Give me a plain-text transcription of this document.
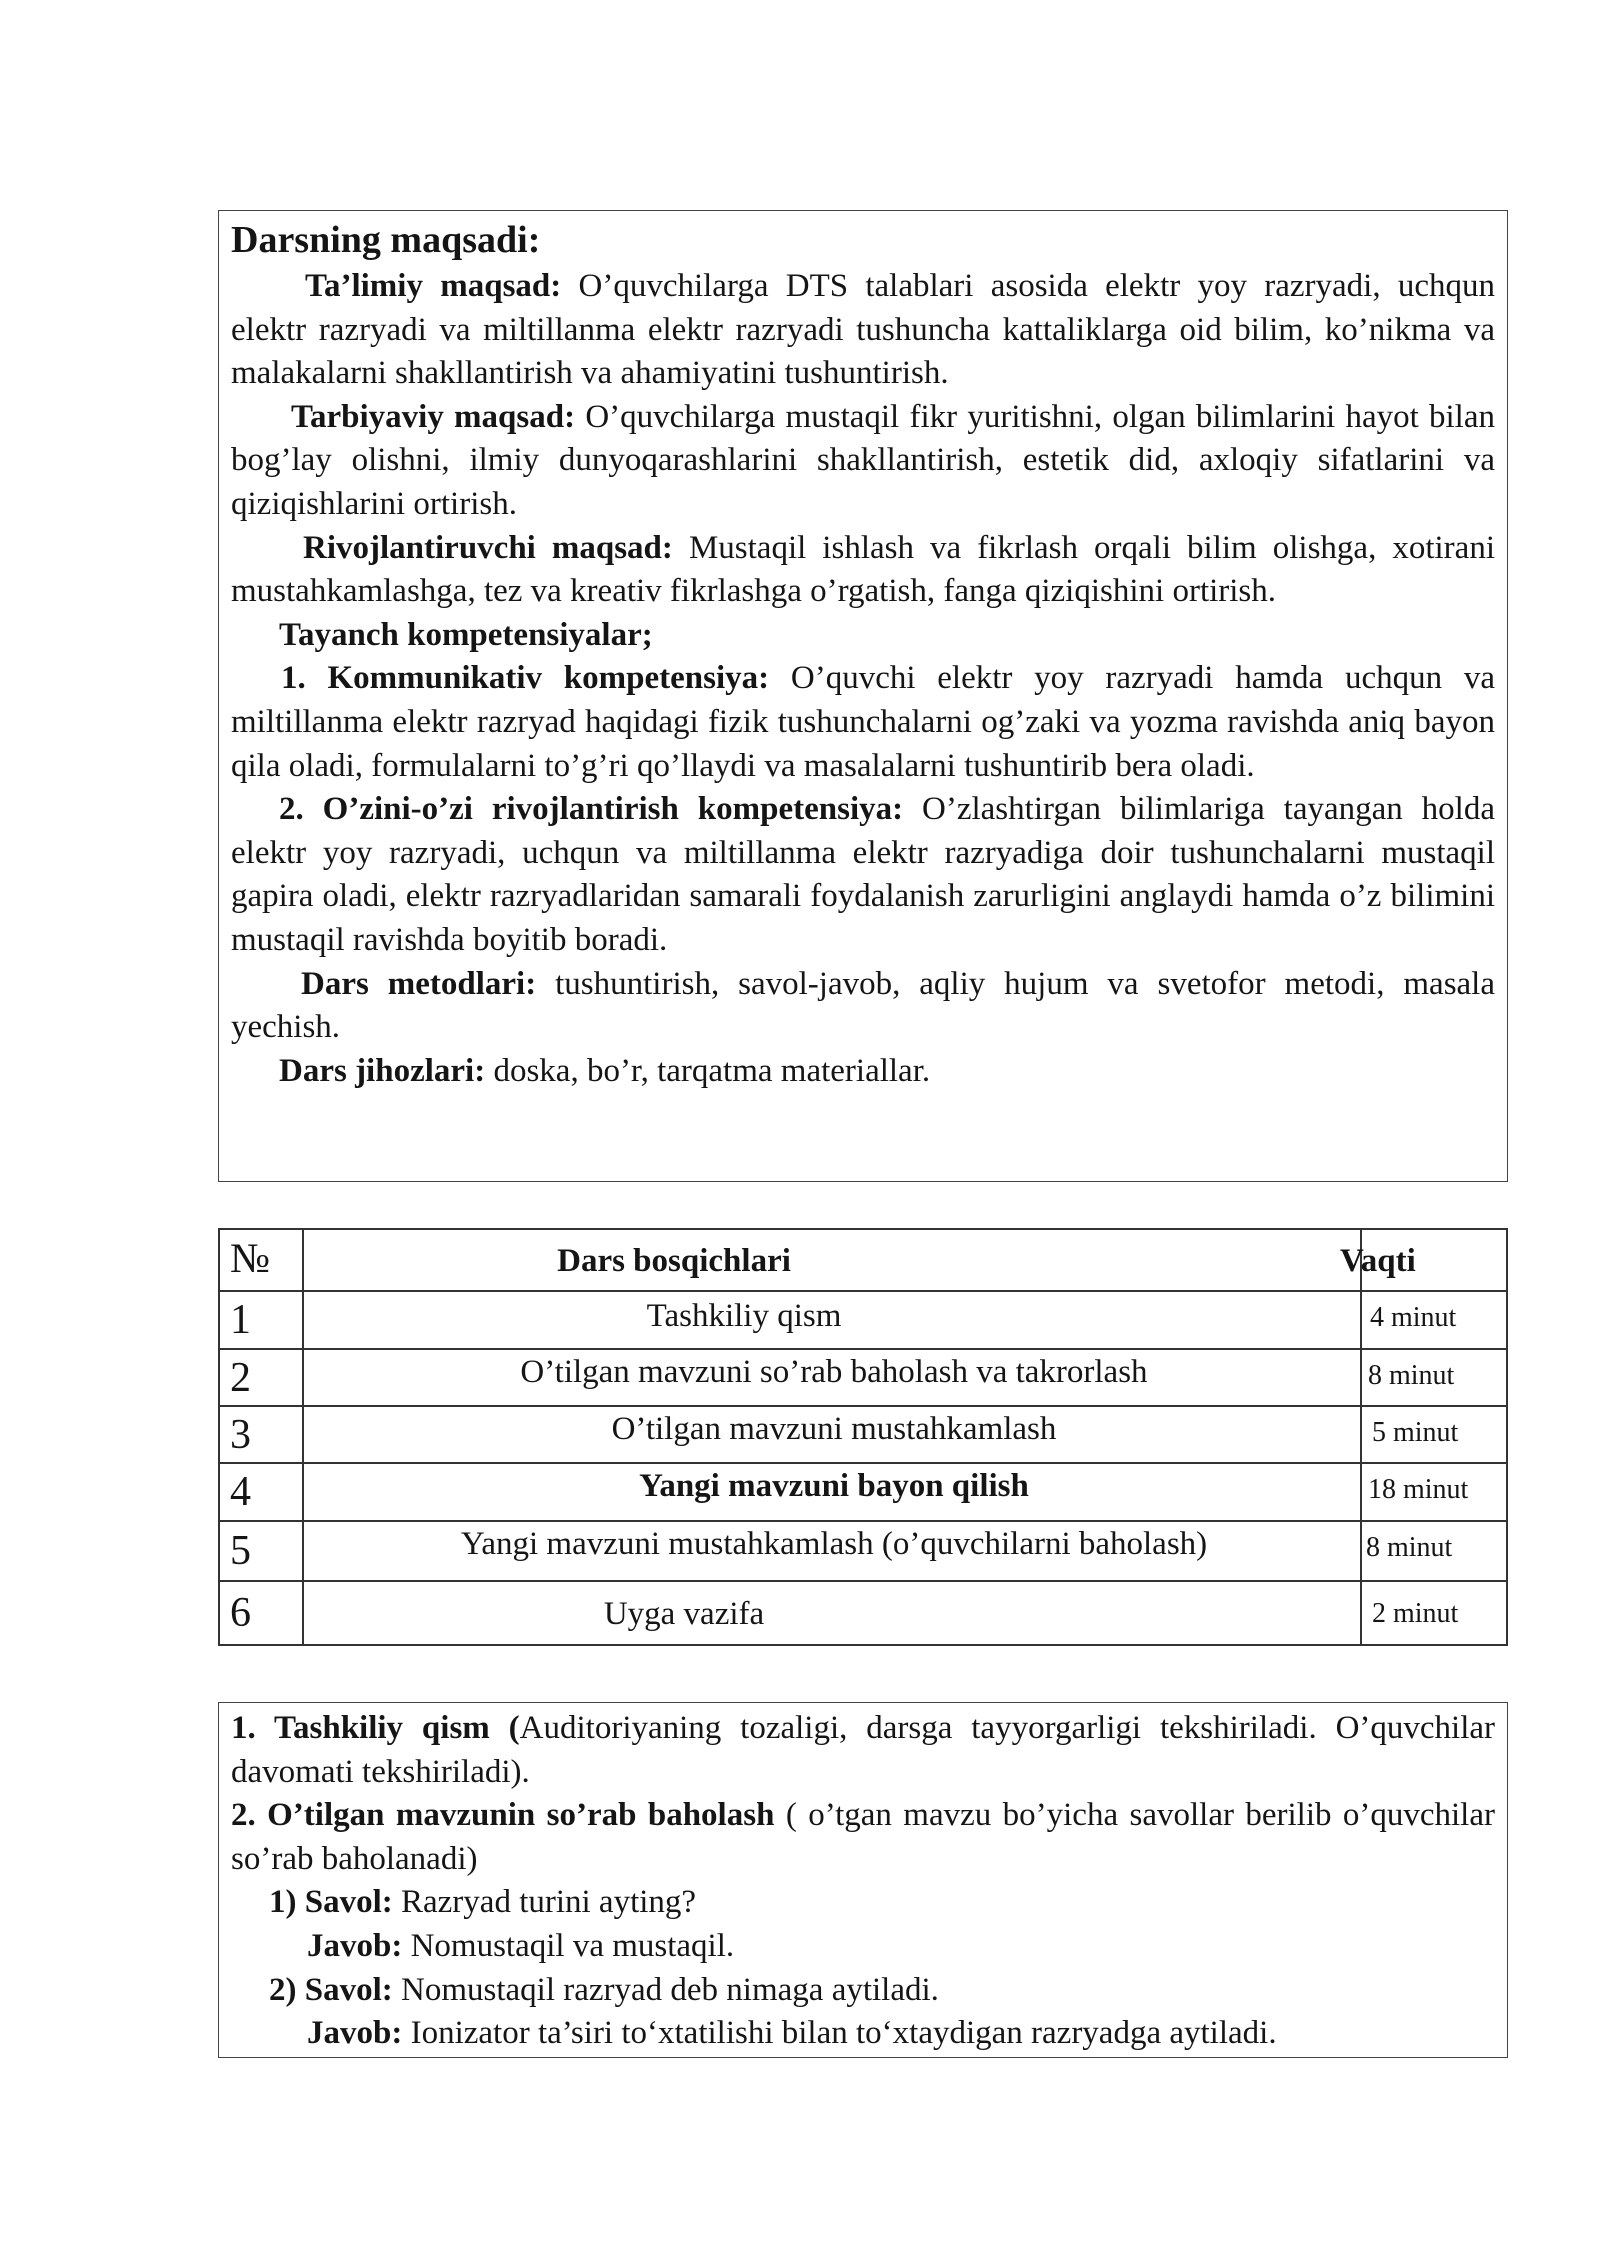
Darsning maqsadi:

Ta’limiy maqsad: O’quvchilarga DTS talablari asosida elektr yoy razryadi, uchqun elektr razryadi va miltillanma elektr razryadi tushuncha kattaliklarga oid bilim, ko’nikma va malakalarni shakllantirish va ahamiyatini tushuntirish.

Tarbiyaviy maqsad: O’quvchilarga mustaqil fikr yuritishni, olgan bilimlarini hayot bilan bog’lay olishni, ilmiy dunyoqarashlarini shakllantirish, estetik did, axloqiy sifatlarini va qiziqishlarini ortirish.

Rivojlantiruvchi maqsad: Mustaqil ishlash va fikrlash orqali bilim olishga, xotirani mustahkamlashga, tez va kreativ fikrlashga o’rgatish, fanga qiziqishini ortirish.

Tayanch kompetensiyalar;

1. Kommunikativ kompetensiya: O’quvchi elektr yoy razryadi hamda uchqun va miltillanma elektr razryad haqidagi fizik tushunchalarni og’zaki va yozma ravishda aniq bayon qila oladi, formulalarni to’g’ri qo’llaydi va masalalarni tushuntirib bera oladi.

2. O’zini-o’zi rivojlantirish kompetensiya: O’zlashtirgan bilimlariga tayangan holda elektr yoy razryadi, uchqun va miltillanma elektr razryadiga doir tushunchalarni mustaqil gapira oladi, elektr razryadlaridan samarali foydalanish zarurligini anglaydi hamda o’z bilimini mustaqil ravishda boyitib boradi.

Dars metodlari: tushuntirish, savol-javob, aqliy hujum va svetofor metodi, masala yechish.

Dars jihozlari: doska, bo’r, tarqatma materiallar.

№	Dars bosqichlari	Vaqti
1	Tashkiliy qism	4 minut
2	O’tilgan mavzuni so’rab baholash va takrorlash	8 minut
3	O’tilgan mavzuni mustahkamlash	5 minut
4	Yangi mavzuni bayon qilish	18 minut
5	Yangi mavzuni mustahkamlash (o’quvchilarni baholash)	8 minut
6	Uyga vazifa	2 minut

1. Tashkiliy qism (Auditoriyaning tozaligi, darsga tayyorgarligi tekshiriladi. O’quvchilar davomati tekshiriladi).

2. O’tilgan mavzunin so’rab baholash ( o’tgan mavzu bo’yicha savollar berilib o’quvchilar so’rab baholanadi)

1) Savol: Razryad turini ayting?

Javob: Nomustaqil va mustaqil.

2) Savol: Nomustaqil razryad deb nimaga aytiladi.

Javob: Ionizator ta’siri to‘xtatilishi bilan to‘xtaydigan razryadga aytiladi.
